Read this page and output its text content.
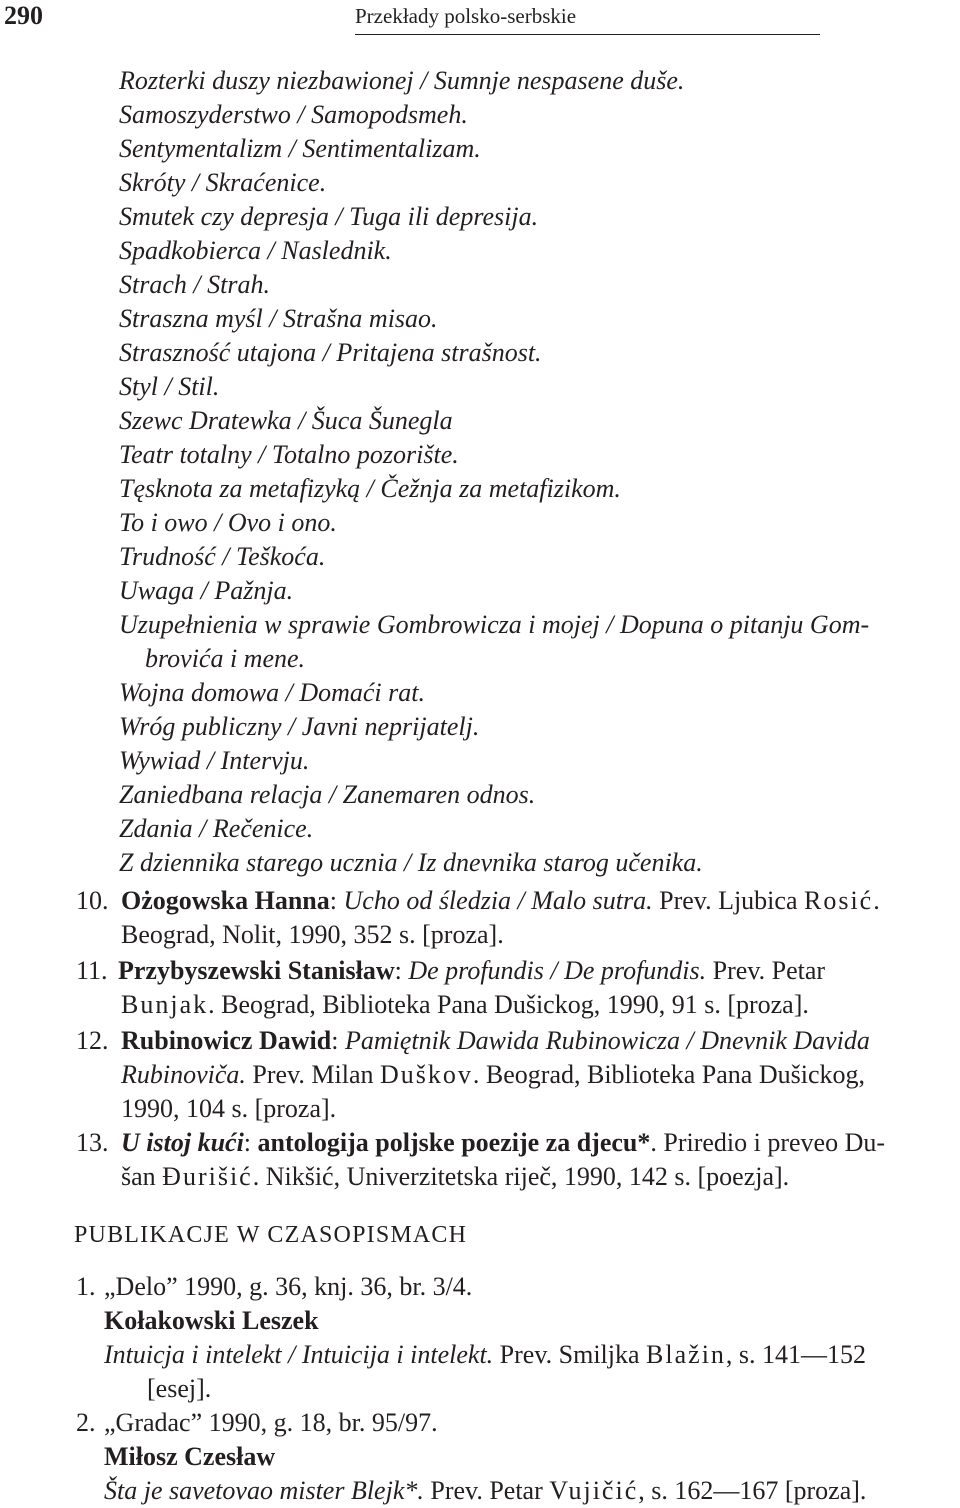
290	Przekłady polsko-serbskie
Rozterki duszy niezbawionej / Sumnje nespasene duše.
Samoszyderstwo / Samopodsmeh.
Sentymentalizm / Sentimentalizam.
Skróty / Skraćenice.
Smutek czy depresja / Tuga ili depresija.
Spadkobierca / Naslednik.
Strach / Strah.
Straszna myśl / Strašna misao.
Straszność utajona / Pritajena strašnost.
Styl / Stil.
Szewc Dratewka / Šuca Šunegla
Teatr totalny / Totalno pozorište.
Tęsknota za metafizyką / Čežnja za metafizikom.
To i owo / Ovo i ono.
Trudność / Teškoća.
Uwaga / Pažnja.
Uzupełnienia w sprawie Gombrowicza i mojej / Dopuna o pitanju Gom-
brovića i mene.
Wojna domowa / Domaći rat.
Wróg publiczny / Javni neprijatelj.
Wywiad / Intervju.
Zaniedbana relacja / Zanemaren odnos.
Zdania / Rečenice.
Z dziennika starego ucznia / Iz dnevnika starog učenika.
10. Ożogowska Hanna: Ucho od śledzia / Malo sutra. Prev. Ljubica Rosić.
Beograd, Nolit, 1990, 352 s. [proza].
11. Przybyszewski Stanisław: De profundis / De profundis. Prev. Petar
Bunjak. Beograd, Biblioteka Pana Dušickog, 1990, 91 s. [proza].
12. Rubinowicz Dawid: Pamiętnik Dawida Rubinowicza / Dnevnik Davida
Rubinoviča. Prev. Milan Duškov. Beograd, Biblioteka Pana Dušickog,
1990, 104 s. [proza].
13. U istoj kući: antologija poljske poezije za djecu*. Priredio i preveo Du-
šan Đurišić. Nikšić, Univerzitetska riječ, 1990, 142 s. [poezja].
PUBLIKACJE W CZASOPISMACH
1. „Delo” 1990, g. 36, knj. 36, br. 3/4.
Kołakowski Leszek
Intuicja i intelekt / Intuicija i intelekt. Prev. Smiljka Blažin, s. 141—152
[esej].
2. „Gradac” 1990, g. 18, br. 95/97.
Miłosz Czesław
Šta je savetovao mister Blejk*. Prev. Petar Vujičić, s. 162—167 [proza].
